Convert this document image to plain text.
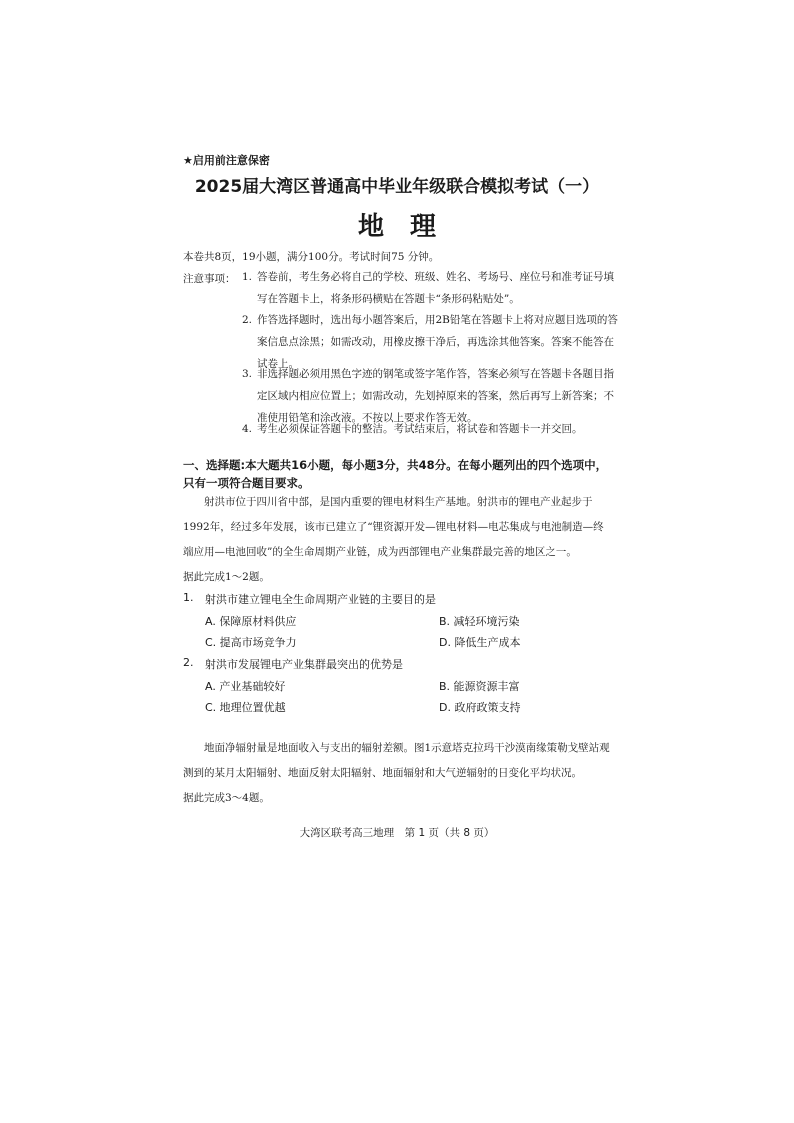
★启用前注意保密
2025届大湾区普通高中毕业年级联合模拟考试（一）
地理
本卷共8页，19小题，满分100分。考试时间75 分钟。
注意事项： 1. 答卷前，考生务必将自己的学校、班级、姓名、考场号、座位号和准考证号填写在答题卡上，将条形码横贴在答题卡“条形码粘贴处”。
2. 作答选择题时，选出每小题答案后，用2B铅笔在答题卡上将对应题目选项的答案信息点涂黑；如需改动，用橡皮擦干净后，再选涂其他答案。答案不能答在试卷上。
3. 非选择题必须用黑色字迹的钢笔或签字笔作答，答案必须写在答题卡各题目指定区域内相应位置上；如需改动，先划掉原来的答案，然后再写上新答案；不准使用铅笔和涂改液。不按以上要求作答无效。
4. 考生必须保证答题卡的整洁。考试结束后，将试卷和答题卡一并交回。
一、选择题:本大题共16小题，每小题3分，共48分。在每小题列出的四个选项中，只有一项符合题目要求。
射洪市位于四川省中部，是国内重要的锂电材料生产基地。射洪市的锂电产业起步于1992年，经过多年发展，该市已建立了“锂资源开发—锂电材料—电芯集成与电池制造—终端应用—电池回收”的全生命周期产业链，成为西部锂电产业集群最完善的地区之一。
据此完成1～2题。
1. 射洪市建立锂电全生命周期产业链的主要目的是
A. 保障原材料供应	B. 减轻环境污染
C. 提高市场竞争力	D. 降低生产成本
2. 射洪市发展锂电产业集群最突出的优势是
A. 产业基础较好	B. 能源资源丰富
C. 地理位置优越	D. 政府政策支持
地面净辐射量是地面收入与支出的辐射差额。图1示意塔克拉玛干沙漠南缘策勒戈壁站观测到的某月太阳辐射、地面反射太阳辐射、地面辐射和大气逆辐射的日变化平均状况。
据此完成3～4题。
大湾区联考高三地理　第 1 页（共 8 页）
